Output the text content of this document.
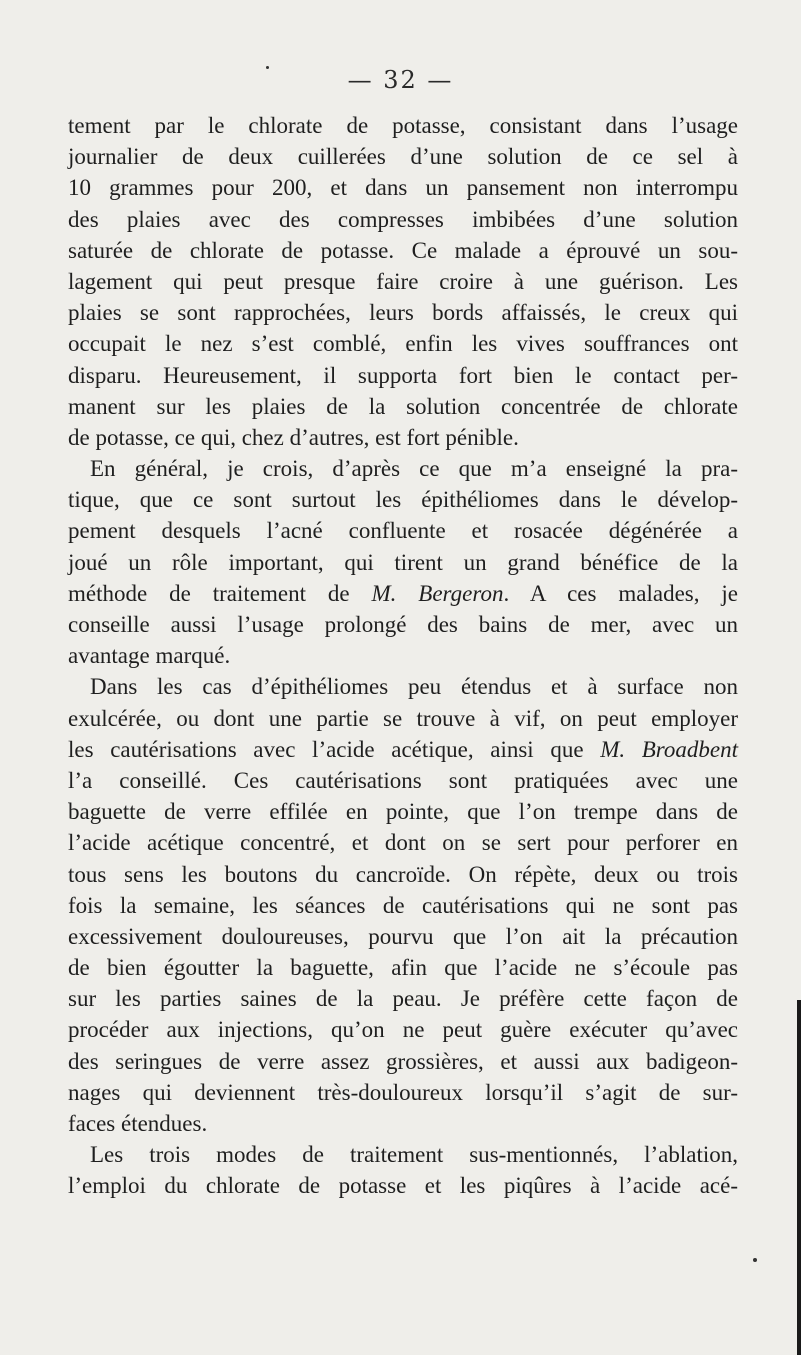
— 32 —
tement par le chlorate de potasse, consistant dans l’usage
journalier de deux cuillerées d’une solution de ce sel à
10 grammes pour 200, et dans un pansement non interrompu
des plaies avec des compresses imbibées d’une solution
saturée de chlorate de potasse. Ce malade a éprouvé un sou-
lagement qui peut presque faire croire à une guérison. Les
plaies se sont rapprochées, leurs bords affaissés, le creux qui
occupait le nez s’est comblé, enfin les vives souffrances ont
disparu. Heureusement, il supporta fort bien le contact per-
manent sur les plaies de la solution concentrée de chlorate
de potasse, ce qui, chez d’autres, est fort pénible.
En général, je crois, d’après ce que m’a enseigné la pra-
tique, que ce sont surtout les épithéliomes dans le dévelop-
pement desquels l’acné confluente et rosacée dégénérée a
joué un rôle important, qui tirent un grand bénéfice de la
méthode de traitement de M. Bergeron. A ces malades, je
conseille aussi l’usage prolongé des bains de mer, avec un
avantage marqué.
Dans les cas d’épithéliomes peu étendus et à surface non
exulcérée, ou dont une partie se trouve à vif, on peut employer
les cautérisations avec l’acide acétique, ainsi que M. Broadbent
l’a conseillé. Ces cautérisations sont pratiquées avec une
baguette de verre effilée en pointe, que l’on trempe dans de
l’acide acétique concentré, et dont on se sert pour perforer en
tous sens les boutons du cancroïde. On répète, deux ou trois
fois la semaine, les séances de cautérisations qui ne sont pas
excessivement douloureuses, pourvu que l’on ait la précaution
de bien égoutter la baguette, afin que l’acide ne s’écoule pas
sur les parties saines de la peau. Je préfère cette façon de
procéder aux injections, qu’on ne peut guère exécuter qu’avec
des seringues de verre assez grossières, et aussi aux badigeon-
nages qui deviennent très-douloureux lorsqu’il s’agit de sur-
faces étendues.
Les trois modes de traitement sus-mentionnés, l’ablation,
l’emploi du chlorate de potasse et les piqûres à l’acide acé-
